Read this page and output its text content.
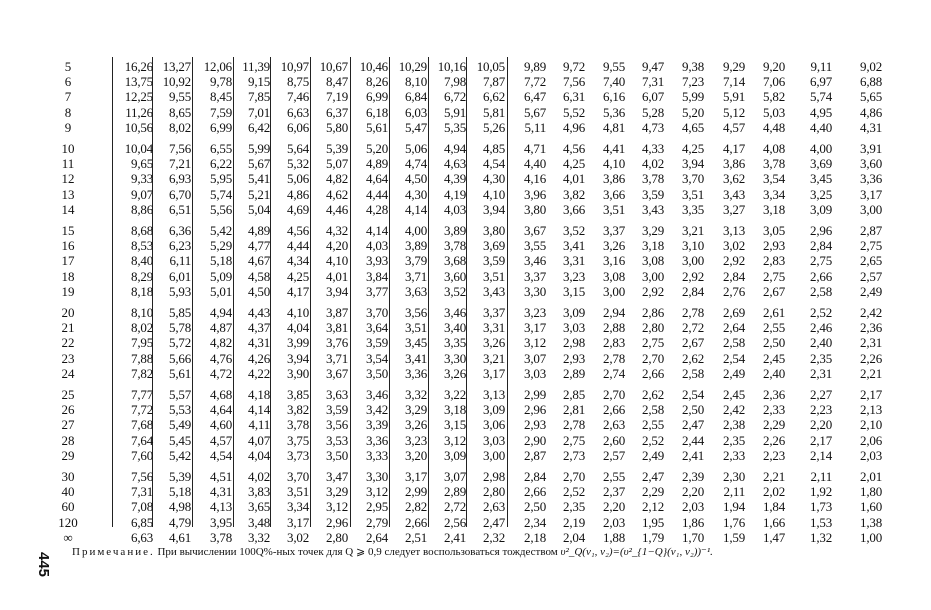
5	16,26 13,27 12,06 11,39 10,97 10,67 10,46 10,29 10,16 10,05	9,89	9,72	9,55	9,47	9,38	9,29	9,20	9,11	9,02
6	13,75 10,92	9,78	9,15	8,75	8,47	8,26	8,10	7,98	7,87	7,72	7,56	7,40	7,31	7,23	7,14	7,06	6,97	6,88
7	12,25	9,55	8,45	7,85	7,46	7,19	6,99	6,84	6,72	6,62	6,47	6,31	6,16	6,07	5,99	5,91	5,82	5,74	5,65
8	11,26	8,65	7,59	7,01	6,63	6,37	6,18	6,03	5,91	5,81	5,67	5,52	5,36	5,28	5,20	5,12	5,03	4,95	4,86
9	10,56	8,02	6,99	6,42	6,06	5,80	5,61	5,47	5,35	5,26	5,11	4,96	4,81	4,73	4,65	4,57	4,48	4,40	4,31
10	10,04	7,56	6,55	5,99	5,64	5,39	5,20	5,06	4,94	4,85	4,71	4,56	4,41	4,33	4,25	4,17	4,08	4,00	3,91
11	9,65	7,21	6,22	5,67	5,32	5,07	4,89	4,74	4,63	4,54	4,40	4,25	4,10	4,02	3,94	3,86	3,78	3,69	3,60
12	9,33	6,93	5,95	5,41	5,06	4,82	4,64	4,50	4,39	4,30	4,16	4,01	3,86	3,78	3,70	3,62	3,54	3,45	3,36
13	9,07	6,70	5,74	5,21	4,86	4,62	4,44	4,30	4,19	4,10	3,96	3,82	3,66	3,59	3,51	3,43	3,34	3,25	3,17
14	8,86	6,51	5,56	5,04	4,69	4,46	4,28	4,14	4,03	3,94	3,80	3,66	3,51	3,43	3,35	3,27	3,18	3,09	3,00
15	8,68	6,36	5,42	4,89	4,56	4,32	4,14	4,00	3,89	3,80	3,67	3,52	3,37	3,29	3,21	3,13	3,05	2,96	2,87
16	8,53	6,23	5,29	4,77	4,44	4,20	4,03	3,89	3,78	3,69	3,55	3,41	3,26	3,18	3,10	3,02	2,93	2,84	2,75
17	8,40	6,11	5,18	4,67	4,34	4,10	3,93	3,79	3,68	3,59	3,46	3,31	3,16	3,08	3,00	2,92	2,83	2,75	2,65
18	8,29	6,01	5,09	4,58	4,25	4,01	3,84	3,71	3,60	3,51	3,37	3,23	3,08	3,00	2,92	2,84	2,75	2,66	2,57
19	8,18	5,93	5,01	4,50	4,17	3,94	3,77	3,63	3,52	3,43	3,30	3,15	3,00	2,92	2,84	2,76	2,67	2,58	2,49
20	8,10	5,85	4,94	4,43	4,10	3,87	3,70	3,56	3,46	3,37	3,23	3,09	2,94	2,86	2,78	2,69	2,61	2,52	2,42
21	8,02	5,78	4,87	4,37	4,04	3,81	3,64	3,51	3,40	3,31	3,17	3,03	2,88	2,80	2,72	2,64	2,55	2,46	2,36
22	7,95	5,72	4,82	4,31	3,99	3,76	3,59	3,45	3,35	3,26	3,12	2,98	2,83	2,75	2,67	2,58	2,50	2,40	2,31
23	7,88	5,66	4,76	4,26	3,94	3,71	3,54	3,41	3,30	3,21	3,07	2,93	2,78	2,70	2,62	2,54	2,45	2,35	2,26
24	7,82	5,61	4,72	4,22	3,90	3,67	3,50	3,36	3,26	3,17	3,03	2,89	2,74	2,66	2,58	2,49	2,40	2,31	2,21
25	7,77	5,57	4,68	4,18	3,85	3,63	3,46	3,32	3,22	3,13	2,99	2,85	2,70	2,62	2,54	2,45	2,36	2,27	2,17
26	7,72	5,53	4,64	4,14	3,82	3,59	3,42	3,29	3,18	3,09	2,96	2,81	2,66	2,58	2,50	2,42	2,33	2,23	2,13
27	7,68	5,49	4,60	4,11	3,78	3,56	3,39	3,26	3,15	3,06	2,93	2,78	2,63	2,55	2,47	2,38	2,29	2,20	2,10
28	7,64	5,45	4,57	4,07	3,75	3,53	3,36	3,23	3,12	3,03	2,90	2,75	2,60	2,52	2,44	2,35	2,26	2,17	2,06
29	7,60	5,42	4,54	4,04	3,73	3,50	3,33	3,20	3,09	3,00	2,87	2,73	2,57	2,49	2,41	2,33	2,23	2,14	2,03
30	7,56	5,39	4,51	4,02	3,70	3,47	3,30	3,17	3,07	2,98	2,84	2,70	2,55	2,47	2,39	2,30	2,21	2,11	2,01
40	7,31	5,18	4,31	3,83	3,51	3,29	3,12	2,99	2,89	2,80	2,66	2,52	2,37	2,29	2,20	2,11	2,02	1,92	1,80
60	7,08	4,98	4,13	3,65	3,34	3,12	2,95	2,82	2,72	2,63	2,50	2,35	2,20	2,12	2,03	1,94	1,84	1,73	1,60
120	6,85	4,79	3,95	3,48	3,17	2,96	2,79	2,66	2,56	2,47	2,34	2,19	2,03	1,95	1,86	1,76	1,66	1,53	1,38
∞	6,63	4,61	3,78	3,32	3,02	2,80	2,64	2,51	2,41	2,32	2,18	2,04	1,88	1,79	1,70	1,59	1,47	1,32	1,00
Примечание. При вычислении 100Q%-ных точек для Q ⩾ 0,9 следует воспользоваться тождеством υ²_Q(ν₁, ν₂)=(υ²_{1−Q}(ν₁, ν₂))⁻¹.
445
